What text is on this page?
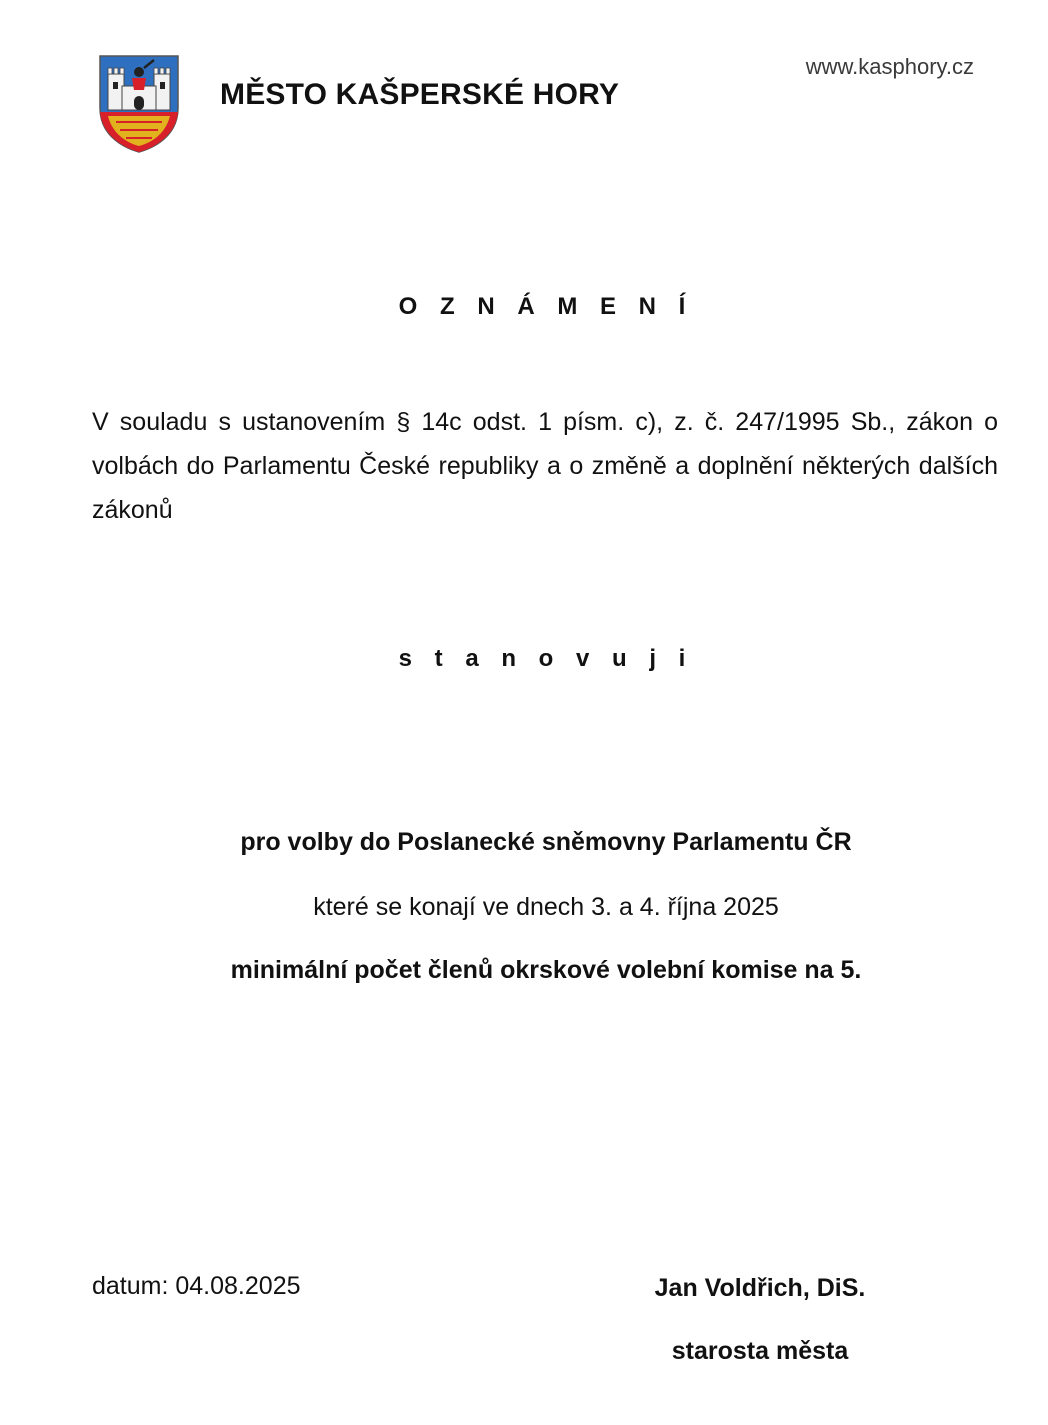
MĚSTO KAŠPERSKÉ HORY
www.kasphory.cz
O Z N Á M E N Í
V souladu s ustanovením § 14c odst. 1 písm. c), z. č. 247/1995 Sb., zákon o volbách do Parlamentu České republiky a o změně a doplnění některých dalších zákonů
s t a n o v u j i
pro volby do Poslanecké sněmovny Parlamentu ČR
které se konají ve dnech 3. a 4. října 2025
minimální počet členů okrskové volební komise na 5.
datum: 04.08.2025	Jan Voldřich, DiS.
starosta města
